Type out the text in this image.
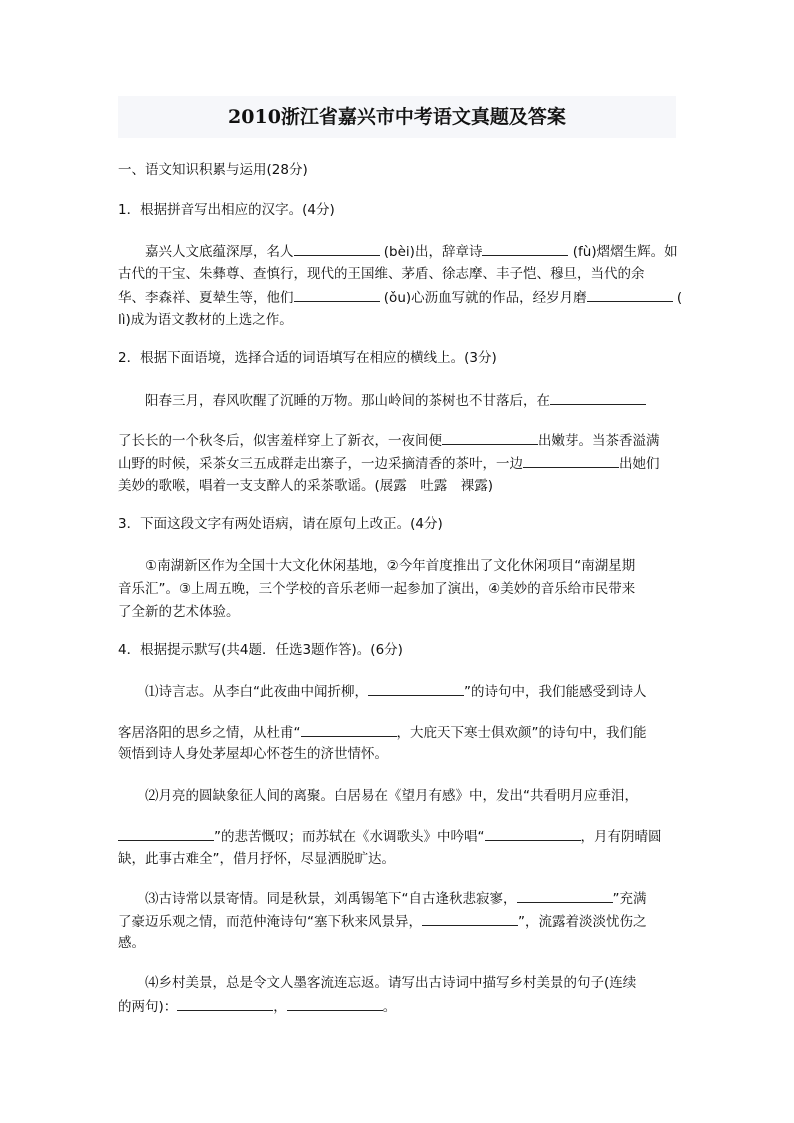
2010浙江省嘉兴市中考语文真题及答案
一、语文知识积累与运用(28分)
1．根据拼音写出相应的汉字。(4分)
　　嘉兴人文底蕴深厚，名人	(bèi)出，辞章诗	(fù)熠熠生辉。如
古代的干宝、朱彝尊、查慎行，现代的王国维、茅盾、徐志摩、丰子恺、穆旦，当代的余
华、李森祥、夏辇生等，他们	(ǒu)心沥血写就的作品，经岁月磨	(
lì)成为语文教材的上选之作。
2．根据下面语境，选择合适的词语填写在相应的横线上。(3分)
　　阳春三月，春风吹醒了沉睡的万物。那山岭间的茶树也不甘落后，在
了长长的一个秋冬后，似害羞样穿上了新衣，一夜间便	出嫩芽。当茶香溢满
山野的时候，采茶女三五成群走出寨子，一边采摘清香的茶叶，一边	出她们
美妙的歌喉，唱着一支支醉人的采茶歌谣。(展露　吐露　裸露)
3．下面这段文字有两处语病，请在原句上改正。(4分)
　　①南湖新区作为全国十大文化休闲基地，②今年首度推出了文化休闲项目“南湖星期
音乐汇”。③上周五晚，三个学校的音乐老师一起参加了演出，④美妙的音乐给市民带来
了全新的艺术体验。
4．根据提示默写(共4题．任选3题作答)。(6分)
　　⑴诗言志。从李白“此夜曲中闻折柳，	”的诗句中，我们能感受到诗人
客居洛阳的思乡之情，从杜甫“	，大庇天下寒士俱欢颜”的诗句中，我们能
领悟到诗人身处茅屋却心怀苍生的济世情怀。
　　⑵月亮的圆缺象征人间的离聚。白居易在《望月有感》中，发出“共看明月应垂泪，
”的悲苦慨叹；而苏轼在《水调歌头》中吟唱“	，月有阴晴圆
缺，此事古难全”，借月抒怀，尽显洒脱旷达。
　　⑶古诗常以景寄情。同是秋景，刘禹锡笔下“自古逢秋悲寂寥，	”充满
了豪迈乐观之情，而范仲淹诗句“塞下秋来风景异，	”，流露着淡淡忧伤之
感。
　　⑷乡村美景，总是令文人墨客流连忘返。请写出古诗词中描写乡村美景的句子(连续
的两句)：	，	。
